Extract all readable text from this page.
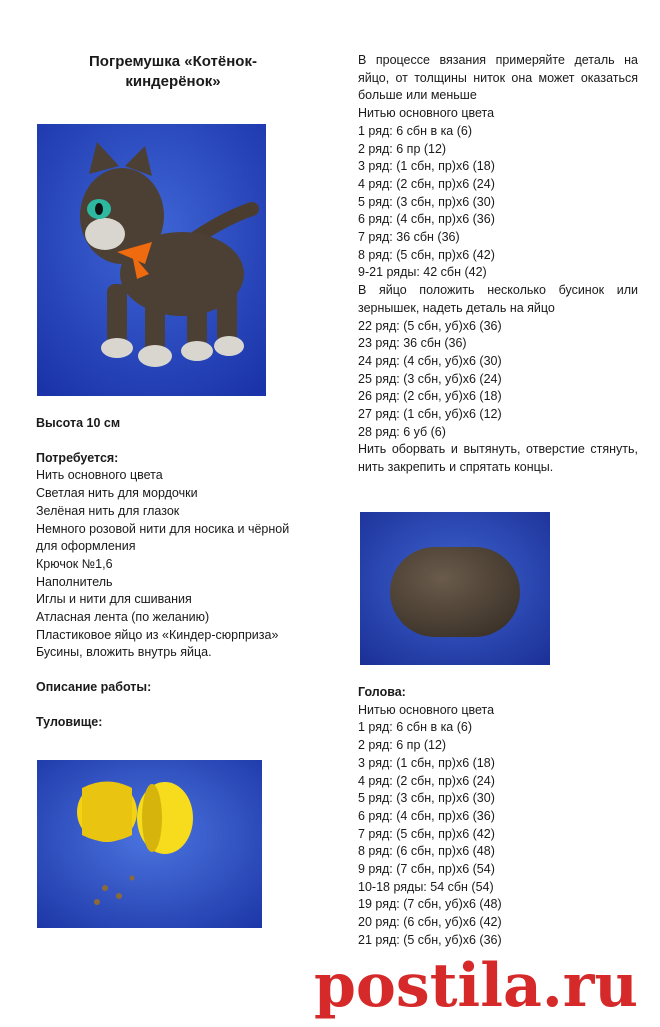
Погремушка «Котёнок-
киндерёнок»
Высота 10 см
Потребуется:
Нить основного цвета
Светлая нить для мордочки
Зелёная нить для глазок
Немного розовой нити для носика и чёрной
для оформления
Крючок №1,6
Наполнитель
Иглы и нити для сшивания
Атласная лента (по желанию)
Пластиковое яйцо из «Киндер-сюрприза»
Бусины, вложить внутрь яйца.
Описание работы:
Туловище:
В процессе вязания примеряйте деталь на яйцо, от толщины ниток она может оказаться больше или меньше
Нитью основного цвета
1 ряд: 6 сбн в ка (6)
2 ряд: 6 пр (12)
3 ряд: (1 сбн, пр)х6 (18)
4 ряд: (2 сбн, пр)х6 (24)
5 ряд: (3 сбн, пр)х6 (30)
6 ряд: (4 сбн, пр)х6 (36)
7 ряд: 36 сбн (36)
8 ряд: (5 сбн, пр)х6 (42)
9-21 ряды: 42 сбн (42)
В яйцо положить несколько бусинок или зернышек, надеть деталь на яйцо
22 ряд: (5 сбн, уб)х6 (36)
23 ряд: 36 сбн (36)
24 ряд: (4 сбн, уб)х6 (30)
25 ряд: (3 сбн, уб)х6 (24)
26 ряд: (2 сбн, уб)х6 (18)
27 ряд: (1 сбн, уб)х6 (12)
28 ряд: 6 уб (6)
Нить оборвать и вытянуть, отверстие стянуть, нить закрепить и спрятать концы.
Голова:
Нитью основного цвета
1 ряд: 6 сбн в ка (6)
2 ряд: 6 пр (12)
3 ряд: (1 сбн, пр)х6 (18)
4 ряд: (2 сбн, пр)х6 (24)
5 ряд: (3 сбн, пр)х6 (30)
6 ряд: (4 сбн, пр)х6 (36)
7 ряд: (5 сбн, пр)х6 (42)
8 ряд: (6 сбн, пр)х6 (48)
9 ряд: (7 сбн, пр)х6 (54)
10-18 ряды: 54 сбн (54)
19 ряд: (7 сбн, уб)х6 (48)
20 ряд: (6 сбн, уб)х6 (42)
21 ряд: (5 сбн, уб)х6 (36)
postila.ru
